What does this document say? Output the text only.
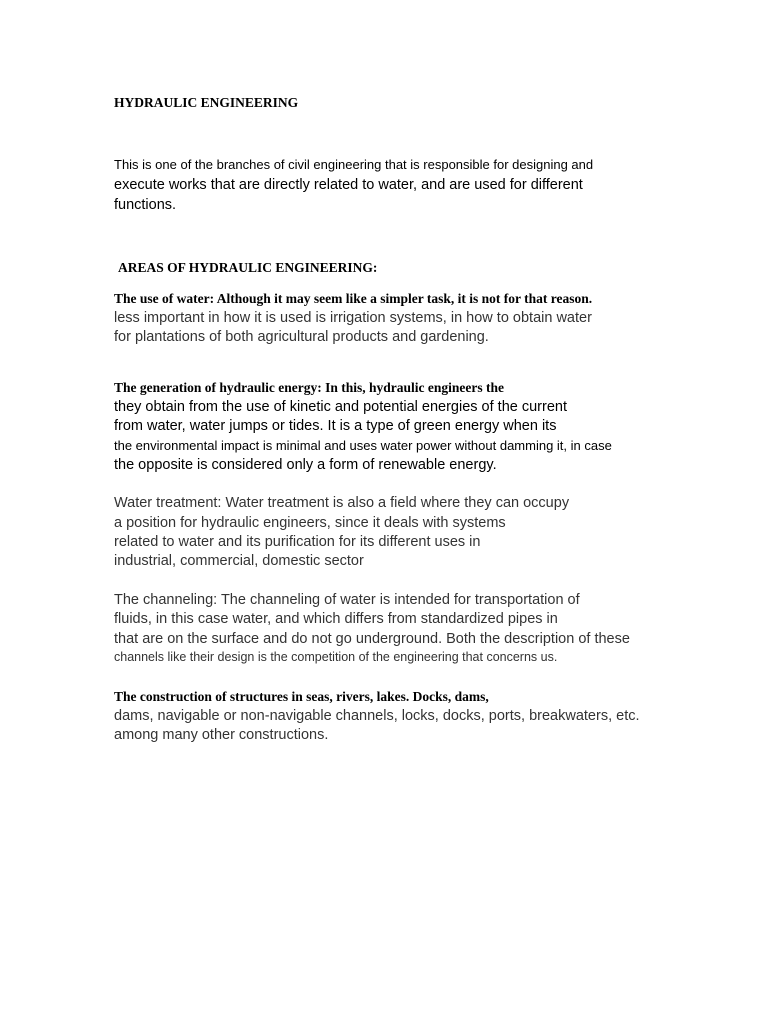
HYDRAULIC ENGINEERING

This is one of the branches of civil engineering that is responsible for designing and

execute works that are directly related to water, and are used for different

functions.

AREAS OF HYDRAULIC ENGINEERING:

The use of water: Although it may seem like a simpler task, it is not for that reason.

less important in how it is used is irrigation systems, in how to obtain water

for plantations of both agricultural products and gardening.

The generation of hydraulic energy: In this, hydraulic engineers the

they obtain from the use of kinetic and potential energies of the current

from water, water jumps or tides. It is a type of green energy when its

the environmental impact is minimal and uses water power without damming it, in case

the opposite is considered only a form of renewable energy.

Water treatment: Water treatment is also a field where they can occupy

a position for hydraulic engineers, since it deals with systems

related to water and its purification for its different uses in

industrial, commercial, domestic sector

The channeling: The channeling of water is intended for transportation of

fluids, in this case water, and which differs from standardized pipes in

that are on the surface and do not go underground. Both the description of these

channels like their design is the competition of the engineering that concerns us.

The construction of structures in seas, rivers, lakes. Docks, dams,

dams, navigable or non-navigable channels, locks, docks, ports, breakwaters, etc.

among many other constructions.
